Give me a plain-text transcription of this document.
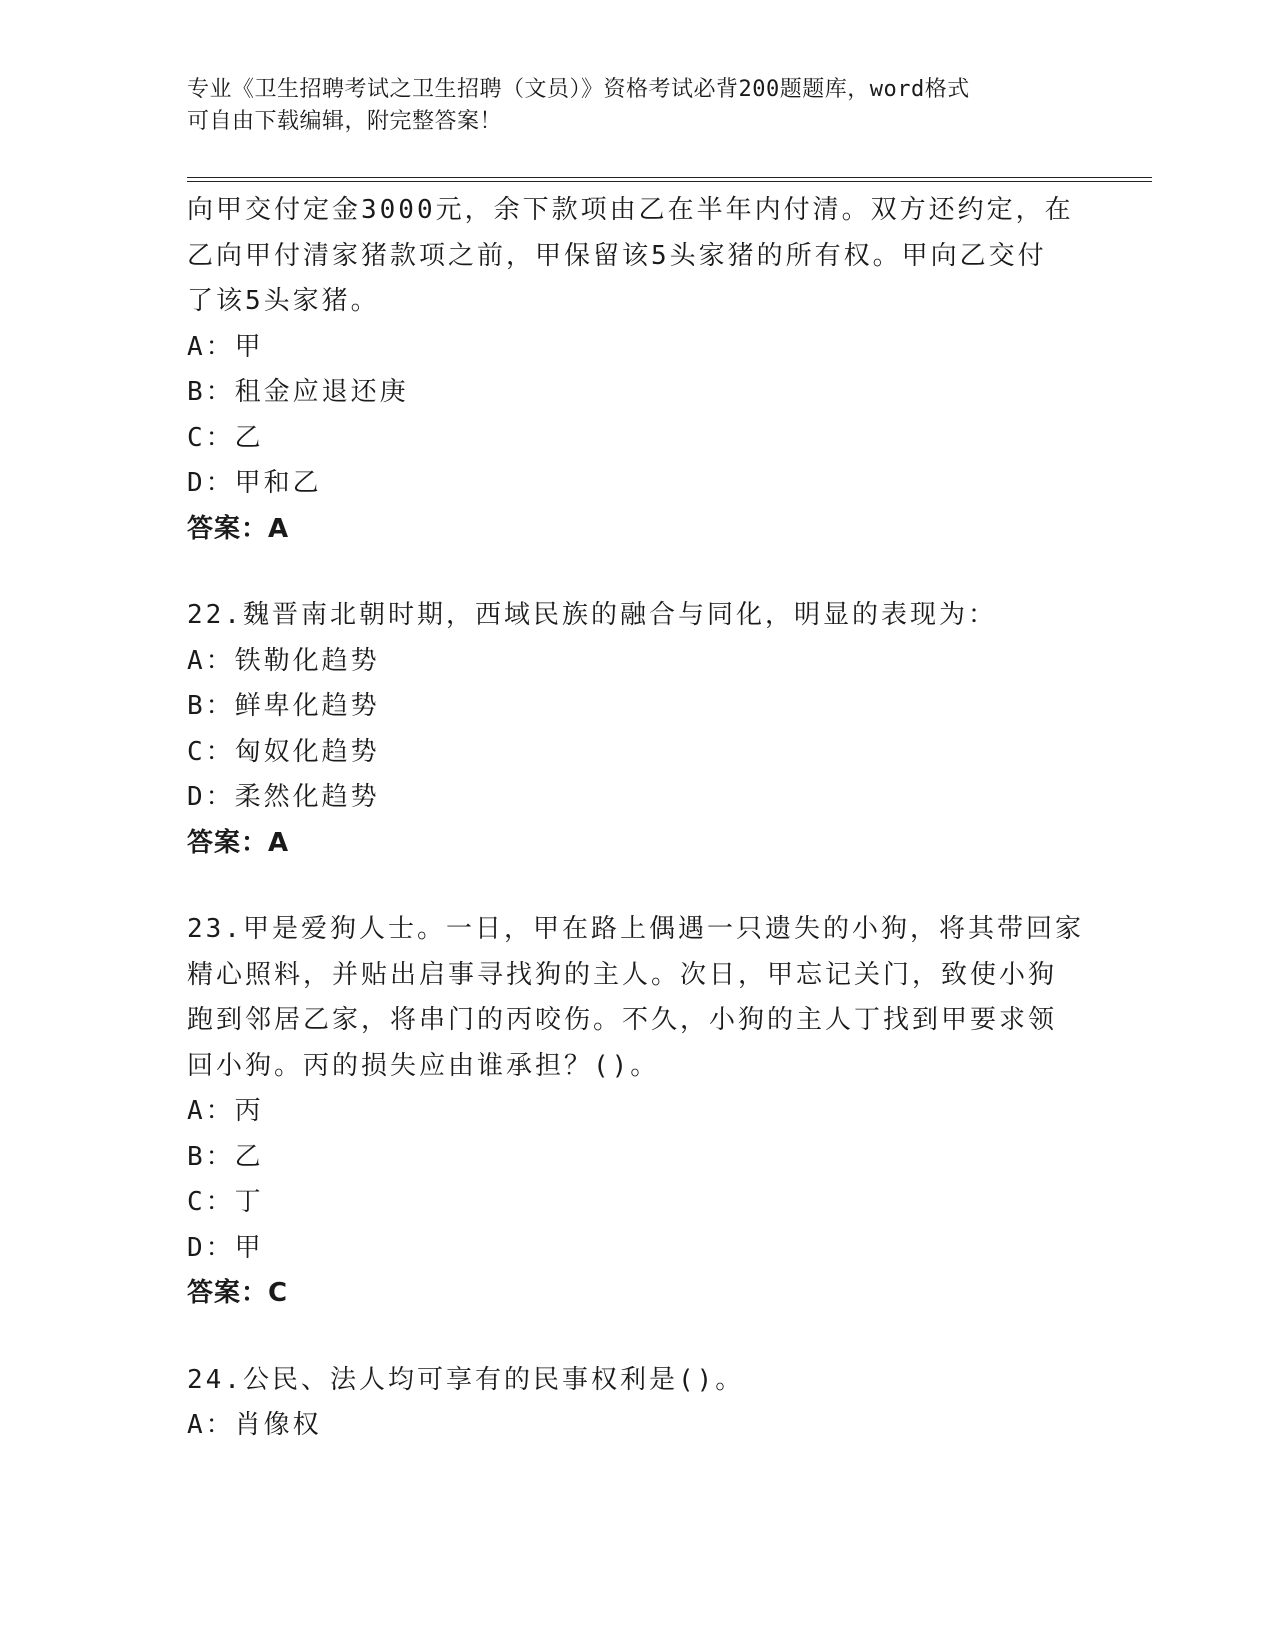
专业《卫生招聘考试之卫生招聘（文员）》资格考试必背200题题库，word格式
可自由下载编辑，附完整答案！
向甲交付定金3000元，余下款项由乙在半年内付清。双方还约定，在
乙向甲付清家猪款项之前，甲保留该5头家猪的所有权。甲向乙交付
了该5头家猪。
A：甲
B：租金应退还庚
C：乙
D：甲和乙
答案：A
22.魏晋南北朝时期，西域民族的融合与同化，明显的表现为：
A：铁勒化趋势
B：鲜卑化趋势
C：匈奴化趋势
D：柔然化趋势
答案：A
23.甲是爱狗人士。一日，甲在路上偶遇一只遗失的小狗，将其带回家
精心照料，并贴出启事寻找狗的主人。次日，甲忘记关门，致使小狗
跑到邻居乙家，将串门的丙咬伤。不久，小狗的主人丁找到甲要求领
回小狗。丙的损失应由谁承担？()。
A：丙
B：乙
C：丁
D：甲
答案：C
24.公民、法人均可享有的民事权利是()。
A：肖像权
